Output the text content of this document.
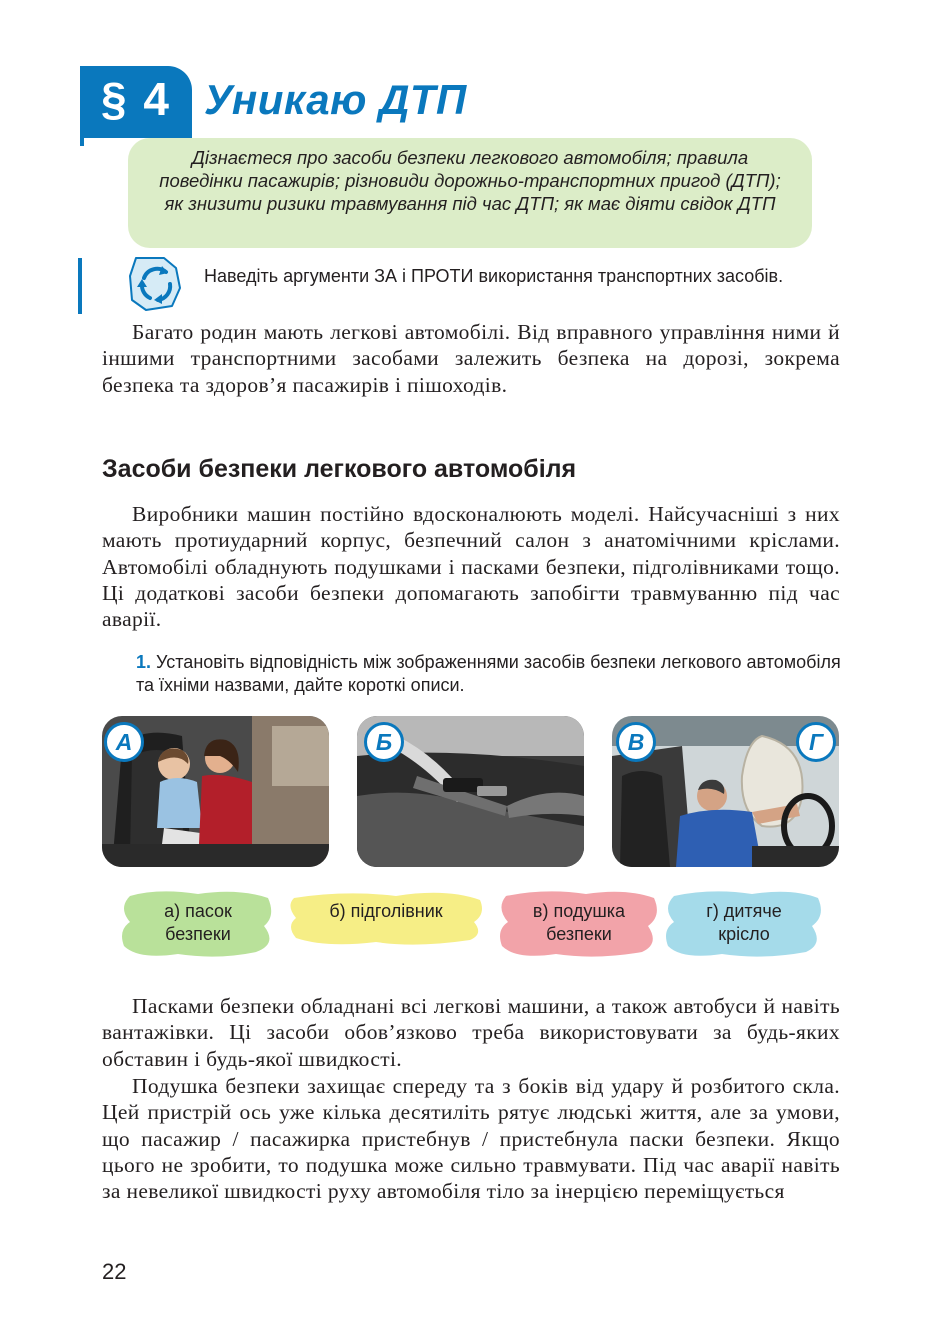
§ 4 Уникаю ДТП
Дізнаєтеся про засоби безпеки легкового автомобіля; правила поведінки пасажирів; різновиди дорожньо-транспортних пригод (ДТП); як знизити ризики травмування під час ДТП; як має діяти свідок ДТП
Наведіть аргументи ЗА і ПРОТИ використання транспортних засобів.

Багато родин мають легкові автомобілі. Від вправного управління ними й іншими транспортними засобами залежить безпека на дорозі, зокрема безпека та здоров’я пасажирів і пішоходів.

Засоби безпеки легкового автомобіля

Виробники машин постійно вдосконалюють моделі. Найсучасніші з них мають протиударний корпус, безпечний салон з анатомічними кріслами. Автомобілі обладнують подушками і пасками безпеки, підголівниками тощо. Ці додаткові засоби безпеки допомагають запобігти травмуванню під час аварії.

1. Установіть відповідність між зображеннями засобів безпеки легкового автомобіля та їхніми назвами, дайте короткі описи.
А	Б	В	Г
а) пасок
безпеки
б) підголівник	в) подушка
безпеки
г) дитяче
крісло

Пасками безпеки обладнані всі легкові машини, а також автобуси й навіть вантажівки. Ці засоби обов’язково треба використовувати за будь-яких обставин і будь-якої швидкості.

Подушка безпеки захищає спереду та з боків від удару й розбитого скла. Цей пристрій ось уже кілька десятиліть рятує людські життя, але за умови, що пасажир / пасажирка пристебнув / пристебнула паски безпеки. Якщо цього не зробити, то подушка може сильно травмувати. Під час аварії навіть за невеликої швидкості руху автомобіля тіло за інерцією переміщується

22
